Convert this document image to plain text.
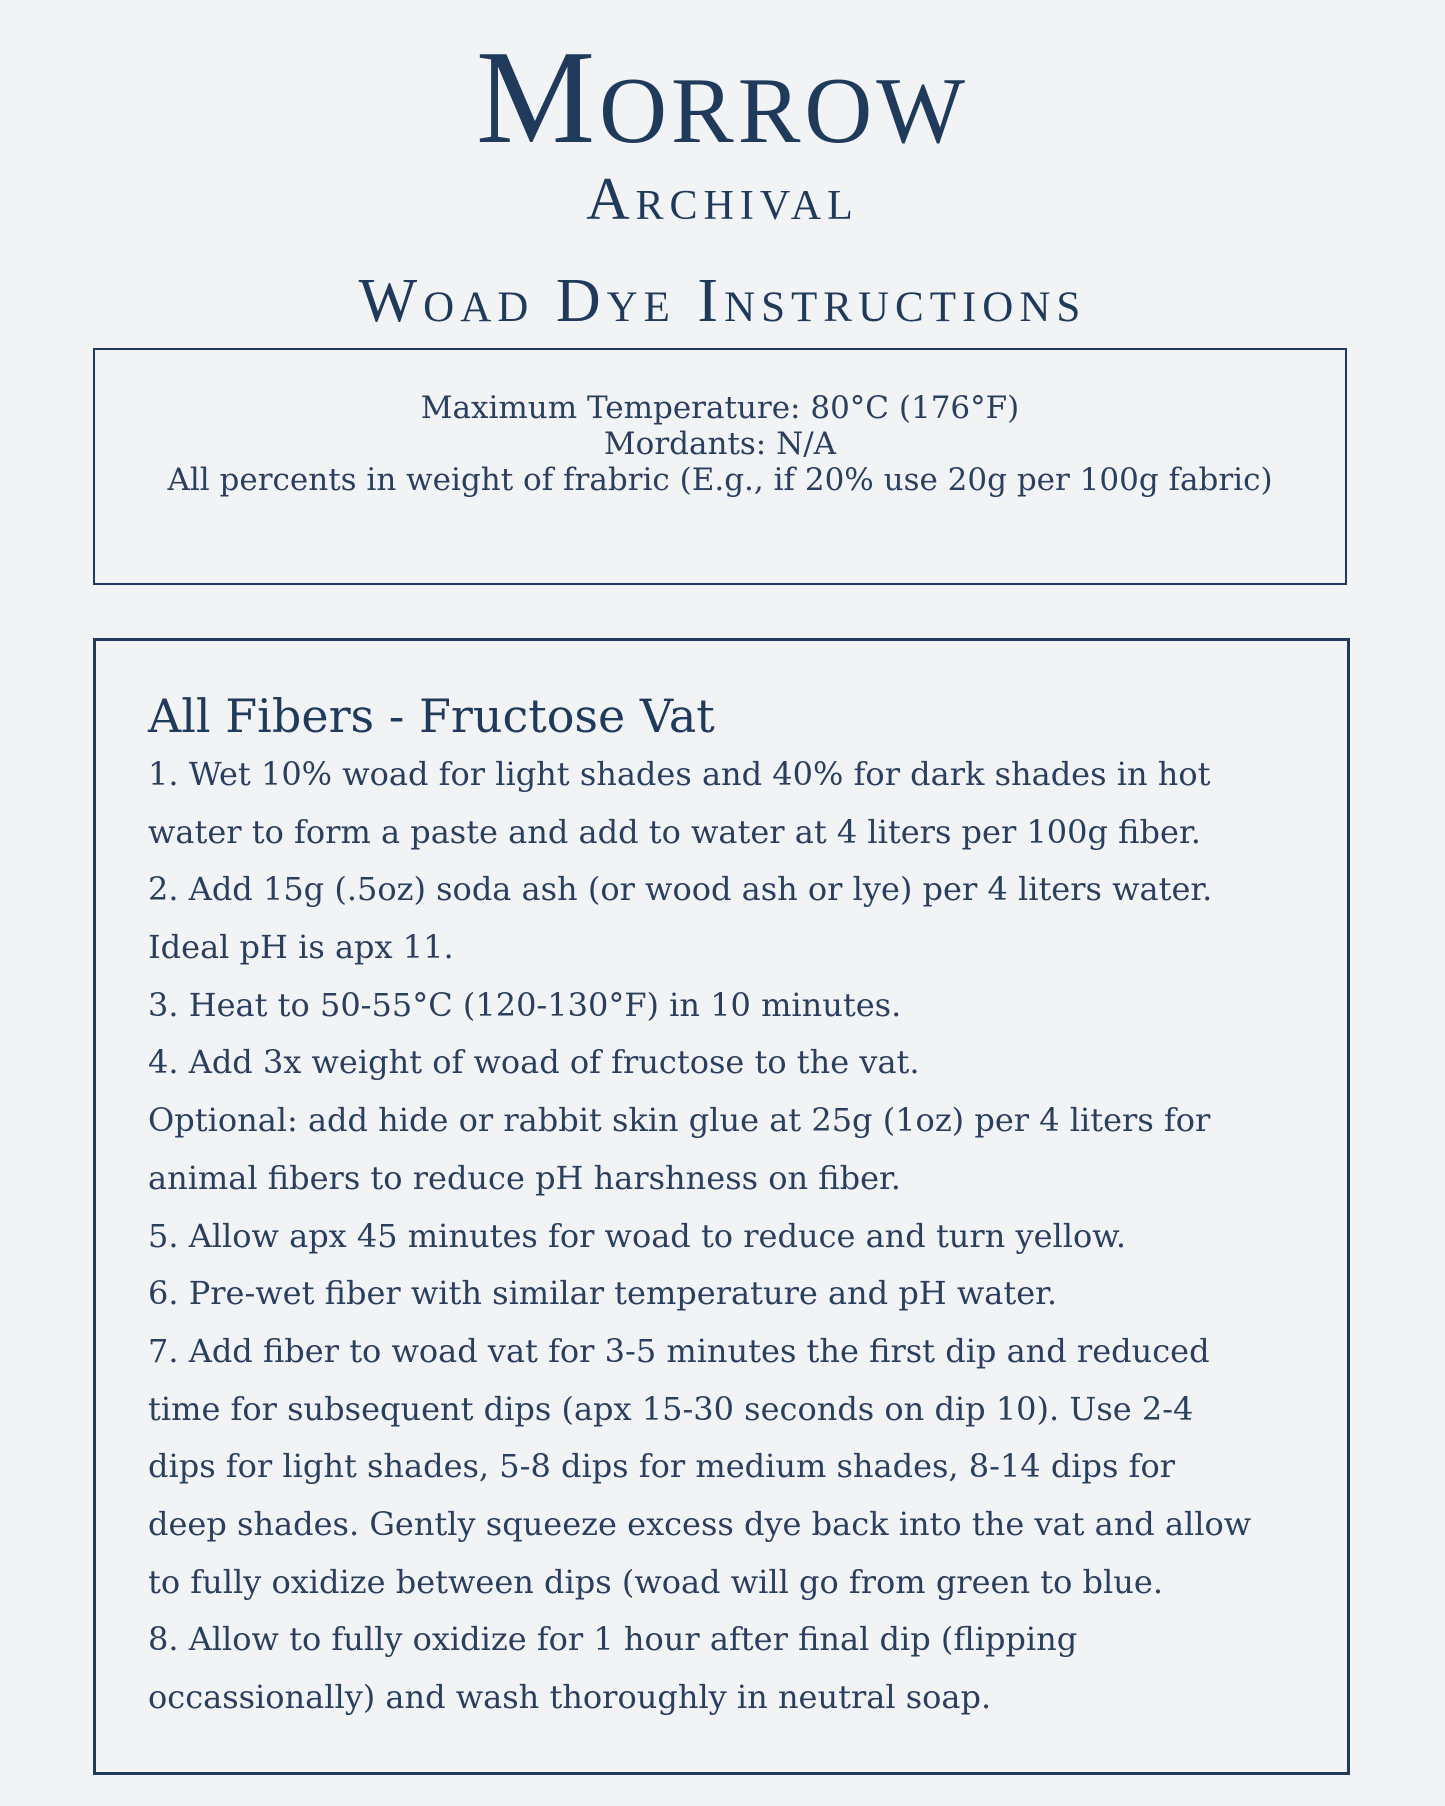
Morrow
Archival
Woad Dye Instructions
Maximum Temperature: 80°C (176°F)
Mordants: N/A
All percents in weight of frabric (E.g., if 20% use 20g per 100g fabric)
All Fibers - Fructose Vat
1. Wet 10% woad for light shades and 40% for dark shades in hot
water to form a paste and add to water at 4 liters per 100g fiber.
2. Add 15g (.5oz) soda ash (or wood ash or lye) per 4 liters water.
Ideal pH is apx 11.
3. Heat to 50-55°C (120-130°F) in 10 minutes.
4. Add 3x weight of woad of fructose to the vat.
Optional: add hide or rabbit skin glue at 25g (1oz) per 4 liters for
animal fibers to reduce pH harshness on fiber.
5. Allow apx 45 minutes for woad to reduce and turn yellow.
6. Pre-wet fiber with similar temperature and pH water.
7. Add fiber to woad vat for 3-5 minutes the first dip and reduced
time for subsequent dips (apx 15-30 seconds on dip 10). Use 2-4
dips for light shades, 5-8 dips for medium shades, 8-14 dips for
deep shades. Gently squeeze excess dye back into the vat and allow
to fully oxidize between dips (woad will go from green to blue.
8. Allow to fully oxidize for 1 hour after final dip (flipping
occassionally) and wash thoroughly in neutral soap.
